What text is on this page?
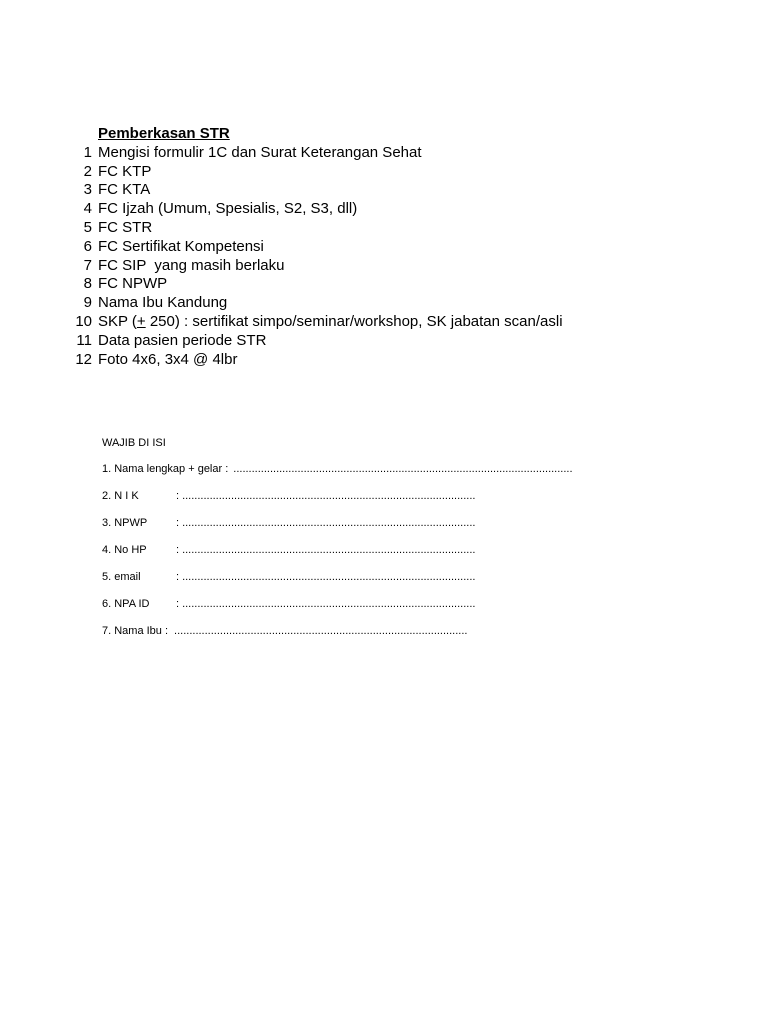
Pemberkasan STR
1 Mengisi formulir 1C dan Surat Keterangan Sehat
2 FC KTP
3 FC KTA
4 FC Ijzah (Umum, Spesialis, S2, S3, dll)
5 FC STR
6 FC Sertifikat Kompetensi
7 FC SIP  yang masih berlaku
8 FC NPWP
9 Nama Ibu Kandung
10 SKP (+ 250) : sertifikat simpo/seminar/workshop, SK jabatan scan/asli
11 Data pasien periode STR
12 Foto 4x6, 3x4 @ 4lbr
WAJIB DI ISI
1. Nama lengkap + gelar : ...............................................................................................................
2. N I K	: ................................................................................................
3. NPWP	: ................................................................................................
4. No HP	: ................................................................................................
5. email	: ................................................................................................
6. NPA ID	: ................................................................................................
7. Nama Ibu : ................................................................................................
